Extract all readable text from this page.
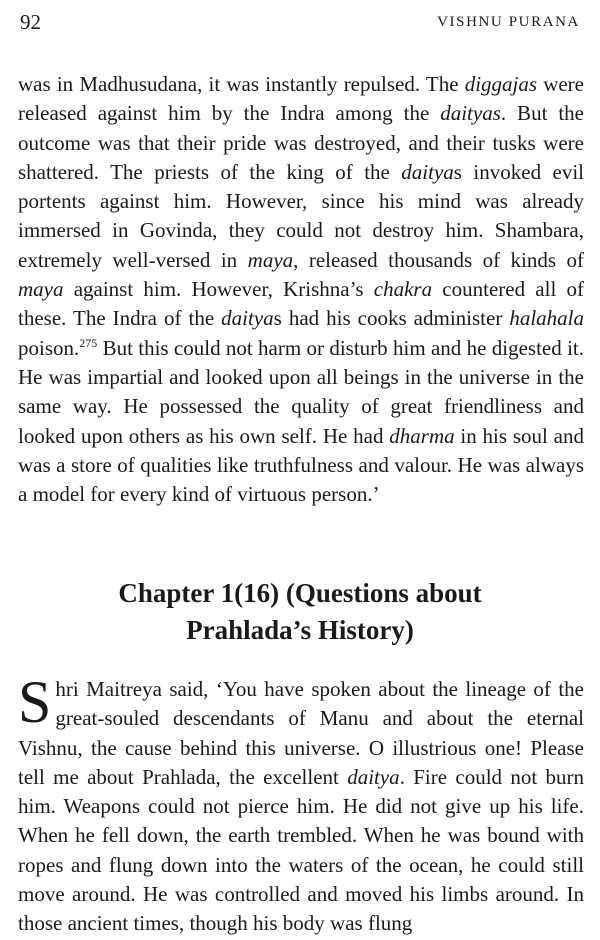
92	VISHNU PURANA

was in Madhusudana, it was instantly repulsed. The diggajas were released against him by the Indra among the daityas. But the outcome was that their pride was destroyed, and their tusks were shattered. The priests of the king of the daityas invoked evil portents against him. However, since his mind was already immersed in Govinda, they could not destroy him. Shambara, extremely well-versed in maya, released thousands of kinds of maya against him. However, Krishna’s chakra countered all of these. The Indra of the daityas had his cooks administer halahala poison.$^{275}$ But this could not harm or disturb him and he digested it. He was impartial and looked upon all beings in the universe in the same way. He possessed the quality of great friendliness and looked upon others as his own self. He had dharma in his soul and was a store of qualities like truthfulness and valour. He was always a model for every kind of virtuous person.’

Chapter 1(16) (Questions about
Prahlada’s History)

Shri Maitreya said, ‘You have spoken about the lineage of the great-souled descendants of Manu and about the eternal Vishnu, the cause behind this universe. O illustrious one! Please tell me about Prahlada, the excellent daitya. Fire could not burn him. Weapons could not pierce him. He did not give up his life. When he fell down, the earth trembled. When he was bound with ropes and flung down into the waters of the ocean, he could still move around. He was controlled and moved his limbs around. In those ancient times, though his body was flung
